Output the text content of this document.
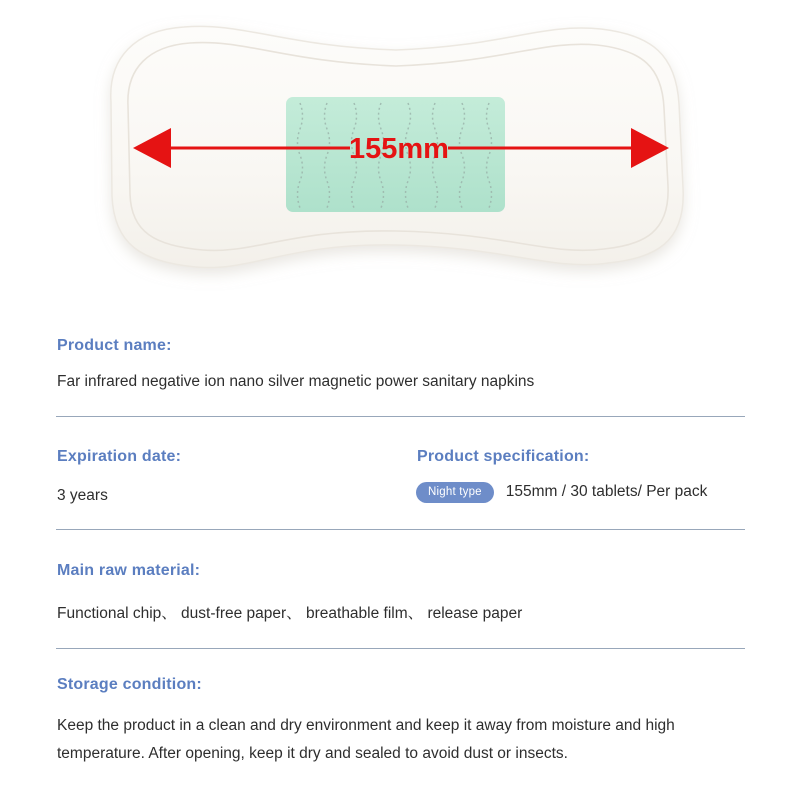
155mm
Product name:
Far infrared negative ion nano silver magnetic power sanitary napkins
Expiration date:	Product specification:
3 years	Night type	155mm / 30 tablets/ Per pack
Main raw material:
Functional chip、 dust-free paper、 breathable film、 release paper
Storage condition:
Keep the product in a clean and dry environment and keep it away from moisture and high temperature. After opening, keep it dry and sealed to avoid dust or insects.
